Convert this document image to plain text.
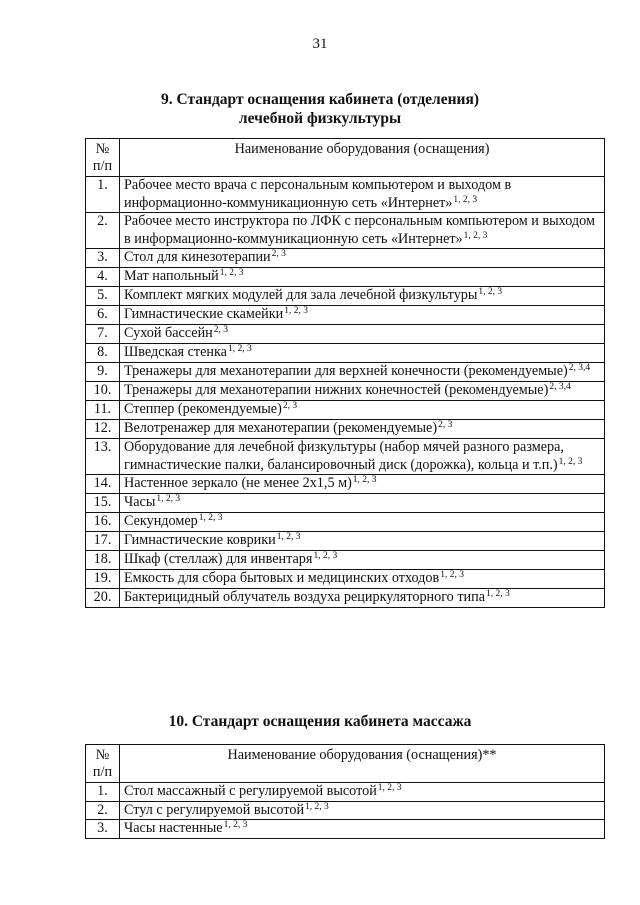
31
9. Стандарт оснащения кабинета (отделения)
лечебной физкультуры
№
п/п	Наименование оборудования (оснащения)
1.	Рабочее место врача с персональным компьютером и выходом в информационно-коммуникационную сеть «Интернет»$^{1, 2, 3}$
2.	Рабочее место инструктора по ЛФК с персональным компьютером и выходом в информационно-коммуникационную сеть «Интернет»$^{1, 2, 3}$
3.	Стол для кинезотерапии$^{2, 3}$
4.	Мат напольный$^{1, 2, 3}$
5.	Комплект мягких модулей для зала лечебной физкультуры$^{1, 2, 3}$
6.	Гимнастические скамейки$^{1, 2, 3}$
7.	Сухой бассейн$^{2, 3}$
8.	Шведская стенка$^{1, 2, 3}$
9.	Тренажеры для механотерапии для верхней конечности (рекомендуемые)$^{2, 3,4}$
10.	Тренажеры для механотерапии нижних конечностей (рекомендуемые)$^{2, 3,4}$
11.	Степпер (рекомендуемые)$^{2, 3}$
12.	Велотренажер для механотерапии (рекомендуемые)$^{2, 3}$
13.	Оборудование для лечебной физкультуры (набор мячей разного размера, гимнастические палки, балансировочный диск (дорожка), кольца и т.п.)$^{1, 2, 3}$
14.	Настенное зеркало (не менее 2х1,5 м)$^{1, 2, 3}$
15.	Часы$^{1, 2, 3}$
16.	Секундомер$^{1, 2, 3}$
17.	Гимнастические коврики$^{1, 2, 3}$
18.	Шкаф (стеллаж) для инвентаря$^{1, 2, 3}$
19.	Емкость для сбора бытовых и медицинских отходов$^{1, 2, 3}$
20.	Бактерицидный облучатель воздуха рециркуляторного типа$^{1, 2, 3}$
10. Стандарт оснащения кабинета массажа
№
п/п	Наименование оборудования (оснащения)**
1.	Стол массажный с регулируемой высотой$^{1, 2, 3}$
2.	Стул с регулируемой высотой$^{1, 2, 3}$
3.	Часы настенные$^{1, 2, 3}$
